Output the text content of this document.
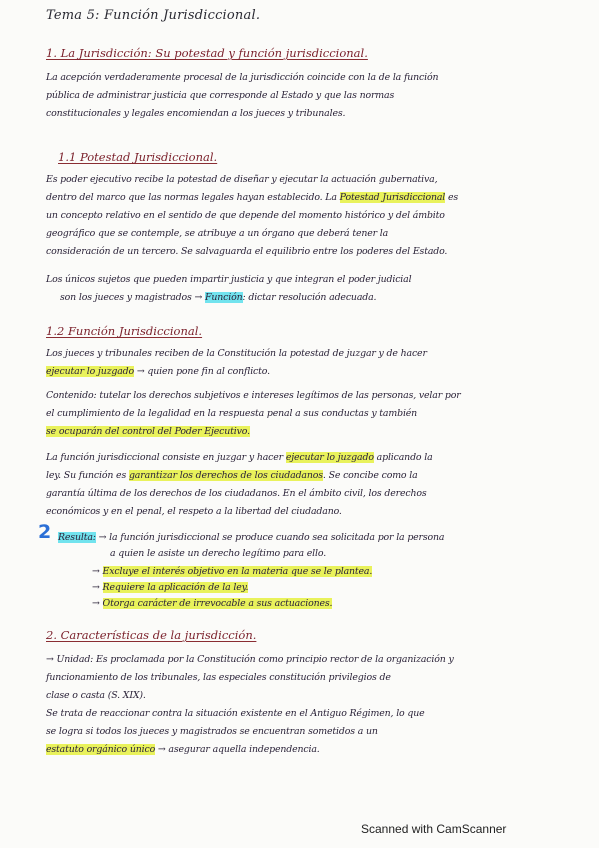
Tema 5: Función Jurisdiccional.
1. La Jurisdicción: Su potestad y función jurisdiccional.
La acepción verdaderamente procesal de la jurisdicción coincide con la de la función
pública de administrar justicia que corresponde al Estado y que las normas
constitucionales y legales encomiendan a los jueces y tribunales.
1.1 Potestad Jurisdiccional.
Es poder ejecutivo recibe la potestad de diseñar y ejecutar la actuación gubernativa,
dentro del marco que las normas legales hayan establecido. La Potestad Jurisdiccional es
un concepto relativo en el sentido de que depende del momento histórico y del ámbito
geográfico que se contemple, se atribuye a un órgano que deberá tener la
consideración de un tercero. Se salvaguarda el equilibrio entre los poderes del Estado.
Los únicos sujetos que pueden impartir justicia y que integran el poder judicial
son los jueces y magistrados → Función: dictar resolución adecuada.
1.2 Función Jurisdiccional.
Los jueces y tribunales reciben de la Constitución la potestad de juzgar y de hacer
ejecutar lo juzgado → quien pone fin al conflicto.
Contenido: tutelar los derechos subjetivos e intereses legítimos de las personas, velar por
el cumplimiento de la legalidad en la respuesta penal a sus conductas y también
se ocuparán del control del Poder Ejecutivo.
La función jurisdiccional consiste en juzgar y hacer ejecutar lo juzgado aplicando la
ley. Su función es garantizar los derechos de los ciudadanos. Se concibe como la
garantía última de los derechos de los ciudadanos. En el ámbito civil, los derechos
económicos y en el penal, el respeto a la libertad del ciudadano.
2 Resulta: → la función jurisdiccional se produce cuando sea solicitada por la persona
a quien le asiste un derecho legítimo para ello.
→ Excluye el interés objetivo en la materia que se le plantea.
→ Requiere la aplicación de la ley.
→ Otorga carácter de irrevocable a sus actuaciones.
2. Características de la jurisdicción.
→ Unidad: Es proclamada por la Constitución como principio rector de la organización y
funcionamiento de los tribunales, las especiales constitución privilegios de
clase o casta (S. XIX).
Se trata de reaccionar contra la situación existente en el Antiguo Régimen, lo que
se logra si todos los jueces y magistrados se encuentran sometidos a un
estatuto orgánico único → asegurar aquella independencia.
Scanned with CamScanner
